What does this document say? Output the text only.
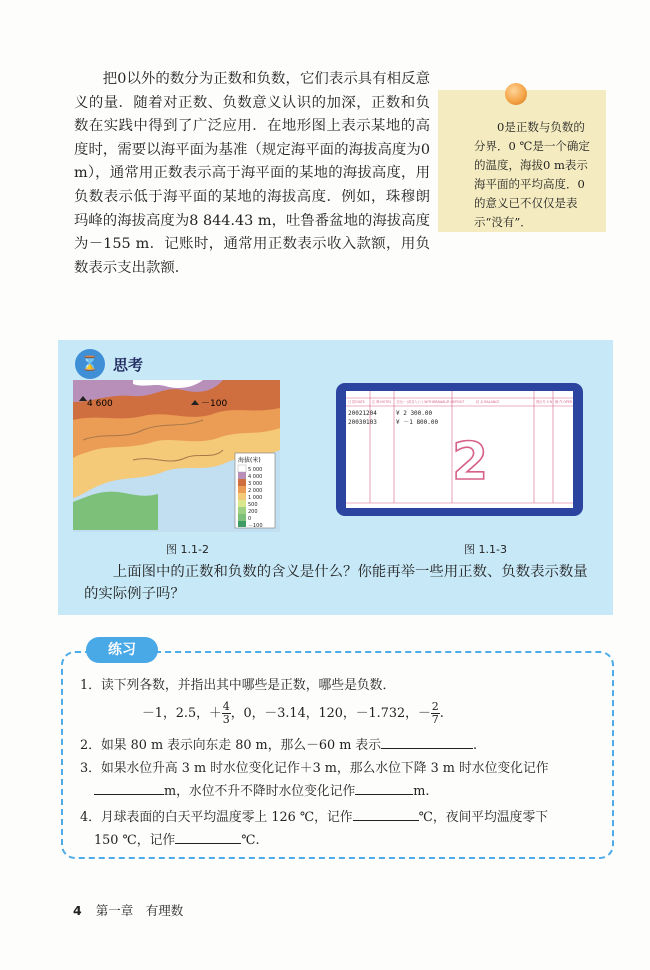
把0以外的数分为正数和负数，它们表示具有相反意义的量．随着对正数、负数意义认识的加深，正数和负数在实践中得到了广泛应用．在地形图上表示某地的高度时，需要以海平面为基准（规定海平面的海拔高度为0 m），通常用正数表示高于海平面的某地的海拔高度，用负数表示低于海平面的某地的海拔高度．例如，珠穆朗玛峰的海拔高度为8 844.43 m，吐鲁番盆地的海拔高度为－155 m．记账时，通常用正数表示收入款额，用负数表示支出款额．

0是正数与负数的分界．0 ℃是一个确定的温度，海拔0 m表示海平面的平均高度．0的意义已不仅仅是表示“没有”．

⌛ 思考
海拔(米)
5 000
4 000
3 000
2 000
1 000
500
200
0
－100
4 600	－100	日 期 DATE 注 释 NOTES 支出(－)或存入(＋) WITHDRAWAL/R DEPOSIT	结 余 BALANCE	网点号 S N 操 作 OPER
20021204	¥ 2 300.00
20030103	¥ －1 800.00
2
图 1.1-2	图 1.1-3

上面图中的正数和负数的含义是什么？你能再举一些用正数、负数表示数量的实际例子吗？

练习
1．读下列各数，并指出其中哪些是正数，哪些是负数．
－1，2.5，＋ $\frac{4}{3}$ ，0，－3.14，120，－1.732，－ $\frac{2}{7}$ .
2．如果 80 m 表示向东走 80 m，那么－60 m 表示	.
3．如果水位升高 3 m 时水位变化记作＋3 m，那么水位下降 3 m 时水位变化记作
m，水位不升不降时水位变化记作	m.
4．月球表面的白天平均温度零上 126 ℃，记作	℃，夜间平均温度零下
150 ℃，记作	℃.
4 第一章　有理数
